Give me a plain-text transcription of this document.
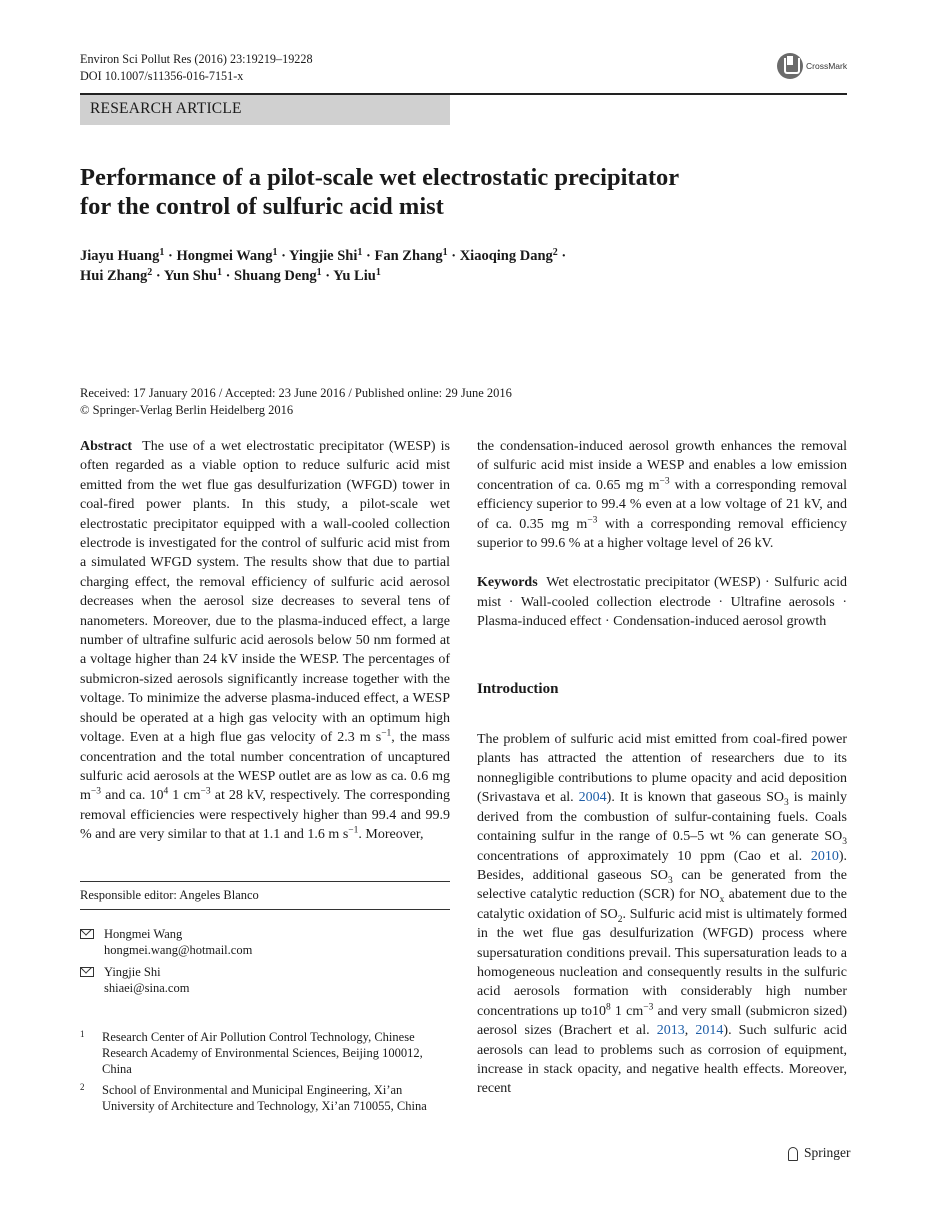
Environ Sci Pollut Res (2016) 23:19219–19228
DOI 10.1007/s11356-016-7151-x
CrossMark
RESEARCH ARTICLE
Performance of a pilot-scale wet electrostatic precipitator
for the control of sulfuric acid mist
Jiayu Huang$^1$ · Hongmei Wang$^1$ · Yingjie Shi$^1$ · Fan Zhang$^1$ · Xiaoqing Dang$^2$ ·
Hui Zhang$^2$ · Yun Shu$^1$ · Shuang Deng$^1$ · Yu Liu$^1$
Received: 17 January 2016 / Accepted: 23 June 2016 / Published online: 29 June 2016
© Springer-Verlag Berlin Heidelberg 2016

Abstract The use of a wet electrostatic precipitator (WESP) is often regarded as a viable option to reduce sulfuric acid mist emitted from the wet flue gas desulfurization (WFGD) tower in coal-fired power plants. In this study, a pilot-scale wet electrostatic precipitator equipped with a wall-cooled collection electrode is investigated for the control of sulfuric acid mist from a simulated WFGD system. The results show that due to partial charging effect, the removal efficiency of sulfuric acid aerosol decreases when the aerosol size decreases to several tens of nanometers. Moreover, due to the plasma-induced effect, a large number of ultrafine sulfuric acid aerosols below 50 nm formed at a voltage higher than 24 kV inside the WESP. The percentages of submicron-sized aerosols significantly increase together with the voltage. To minimize the adverse plasma-induced effect, a WESP should be operated at a high gas velocity with an optimum high voltage. Even at a high flue gas velocity of 2.3 m $s^{-1}$, the mass concentration and the total number concentration of uncaptured sulfuric acid aerosols at the WESP outlet are as low as ca. 0.6 mg $m^{-3}$ and ca. $10^4$ 1 $cm^{-3}$ at 28 kV, respectively. The corresponding removal efficiencies were respectively higher than 99.4 and 99.9 % and are very similar to that at 1.1 and 1.6 m $s^{-1}$. Moreover,

Responsible editor: Angeles Blanco
Hongmei Wang
hongmei.wang@hotmail.com
Yingjie Shi
shiaei@sina.com
1 Research Center of Air Pollution Control Technology, Chinese Research Academy of Environmental Sciences, Beijing 100012, China
2 School of Environmental and Municipal Engineering, Xi’an University of Architecture and Technology, Xi’an 710055, China

the condensation-induced aerosol growth enhances the removal of sulfuric acid mist inside a WESP and enables a low emission concentration of ca. 0.65 mg $m^{-3}$ with a corresponding removal efficiency superior to 99.4 % even at a low voltage of 21 kV, and of ca. 0.35 mg $m^{-3}$ with a corresponding removal efficiency superior to 99.6 % at a higher voltage level of 26 kV.

Keywords Wet electrostatic precipitator (WESP) · Sulfuric acid mist · Wall-cooled collection electrode · Ultrafine aerosols · Plasma-induced effect · Condensation-induced aerosol growth

Introduction

The problem of sulfuric acid mist emitted from coal-fired power plants has attracted the attention of researchers due to its nonnegligible contributions to plume opacity and acid deposition (Srivastava et al. 2004). It is known that gaseous $SO_3$ is mainly derived from the combustion of sulfur-containing fuels. Coals containing sulfur in the range of 0.5–5 wt % can generate $SO_3$ concentrations of approximately 10 ppm (Cao et al. 2010). Besides, additional gaseous $SO_3$ can be generated from the selective catalytic reduction (SCR) for $NO_x$ abatement due to the catalytic oxidation of $SO_2$. Sulfuric acid mist is ultimately formed in the wet flue gas desulfurization (WFGD) process where supersaturation conditions prevail. This supersaturation leads to a homogeneous nucleation and consequently results in the sulfuric acid aerosols formation with considerably high number concentrations up $to10^8$ 1 $cm^{-3}$ and very small (submicron sized) aerosol sizes (Brachert et al. 2013, 2014). Such sulfuric acid aerosols can lead to problems such as corrosion of equipment, increase in stack opacity, and negative health effects. Moreover, recent

Springer
